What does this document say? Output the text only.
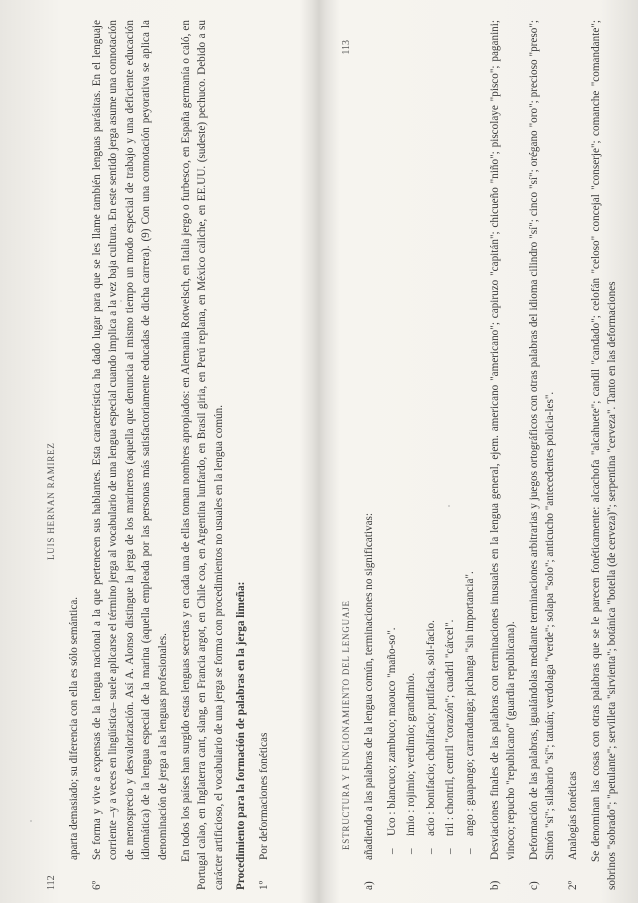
112
LUIS HERNAN RAMIREZ

aparta demasiado; su diferencia con ella es sólo semántica.

6º
Se forma y vive a expensas de la lengua nacional a la que pertenecen sus hablantes. Esta característica ha dado lugar para que se les llame también lenguas parásitas. En el lenguaje corriente –y a veces en lingüística– suele aplicarse el término jerga al vocabulario de una lengua especial cuando implica a la vez baja cultura. En este sentido jerga asume una connotación de menosprecio y desvalorización. Así A. Alonso distingue la jerga de los marineros (aquella que denuncia al mismo tiempo un modo especial de trabajo y una deficiente educación idiomática) de la lengua especial de la marina (aquella empleada por las personas más satisfactoriamente educadas de dicha carrera). (9) Con una connotación peyorativa se aplica la denominación de jerga a las lenguas profesionales. En todos los países han surgido estas lenguas secretas y en cada una de ellas toman nombres apropiados: en Alemania Rotwelsch, en Italia jergo o furbesco, en España germanía o caló, en Portugal calao, en Inglaterra cant, slang, en Francia argot, en Chile coa, en Argentina lunfardo, en Brasil giria, en Perú replana, en México caliche, en EE.UU. (sudeste) pechuco. Debido a su carácter artificioso, el vocabulario de una jerga se forma con procedimientos no usuales en la lengua común. Procedimiento para la formación de palabras en la jerga limeña: 1º
Por deformaciones fonéticas	ESTRUCTURA Y FUNCIONAMIENTO DEL LENGUAJE
113
a)
añadiendo a las palabras de la lengua común, terminaciones no significativas: –
Uco : blancuco; zambuco; maouco "maño-so".
–
imio : rojimio; verdimio; grandimio.
–
acio : bonifacio; cholifacio; putifacia, soli-facio.
–
tril : chontril, centril "corazón"; cuadril "cárcel".
–
ango : guapango; carrandanga; pichanga "sin importancia".
b)
Desviaciones finales de las palabras con terminaciones inusuales en la lengua general, ejem. americano "americano"; capiruzo "capitán"; chicueño "niño"; piscolaye "pisco"; paganini; vinoco; repucho "republicano" (guardia republicana).
c)
Deformación de las palabras, igualándolas mediante terminaciones arbitrarias y juegos ortográficos con otras palabras del idioma cilindro "sí"; cinco "sí"; orégano "oro"; precioso "preso"; Simón "sí"; silabario "sí"; tatuán; verdolaga "verde"; solapa "solo"; anticucho "antecedentes policia-les".
2º
Analogías fonéticas Se denominan las cosas con otras palabras que se le parecen fonéticamente: alcachofa "alcahuete"; candil "candado"; celofán "celoso" concejal "conserje"; comanche "comandante"; sobrinos "sobrado"; "petulante"; servilleta "sirvienta"; botánica "botella (de cerveza)"; serpentina "cerveza". Tanto en las deformaciones
